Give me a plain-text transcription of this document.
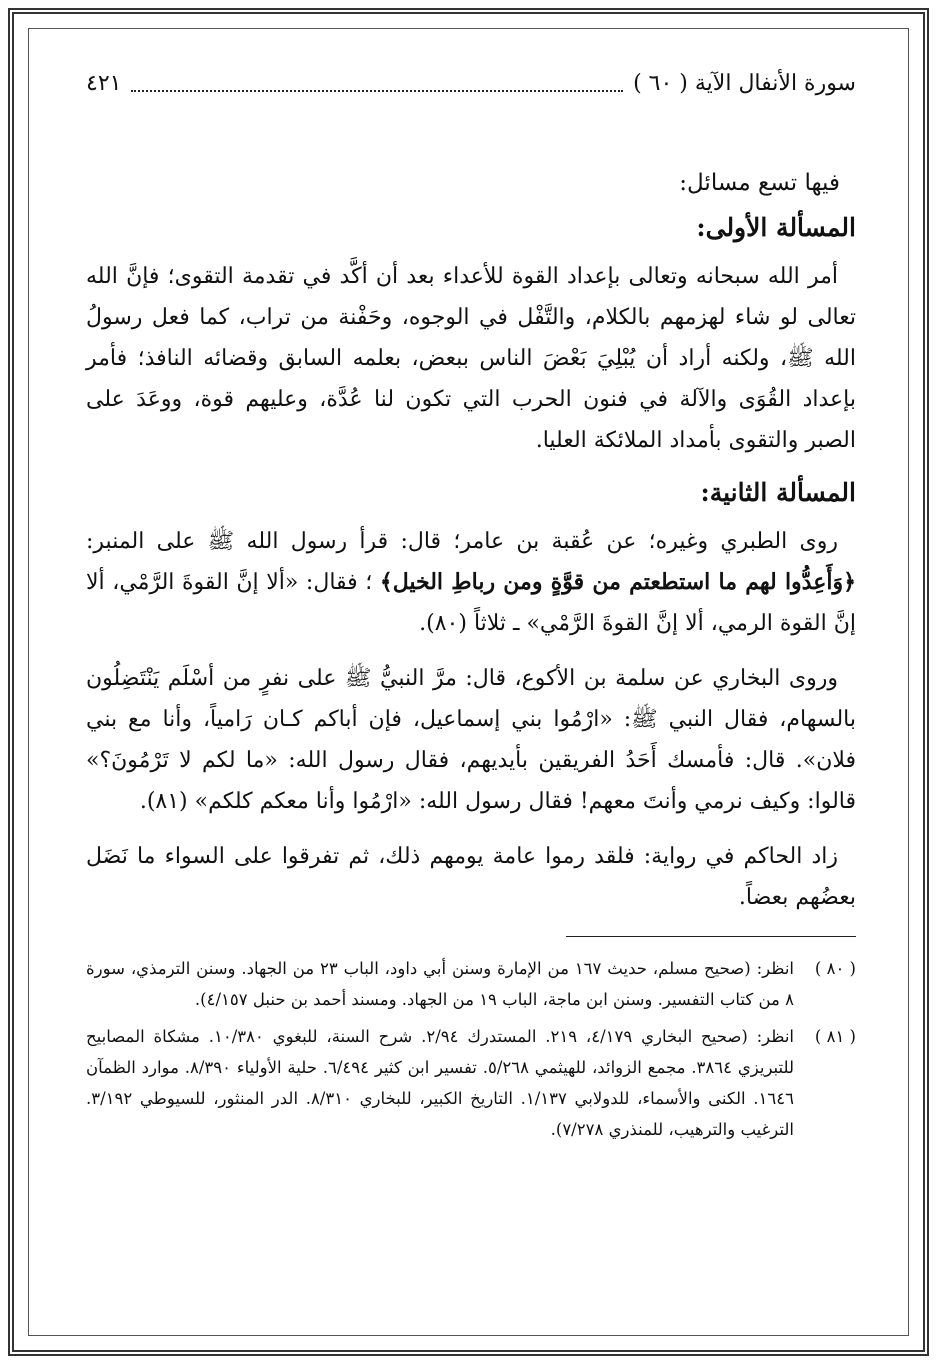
سورة الأنفال الآية ( ٦٠ )
٤٢١

فيها تسع مسائل:

المسألة الأولى:

أمر الله سبحانه وتعالى بإعداد القوة للأعداء بعد أن أكَّد في تقدمة التقوى؛ فإنَّ الله تعالى لو شاء لهزمهم بالكلام، والتَّفْل في الوجوه، وحَفْنة من تراب، كما فعل رسولُ الله ﷺ، ولكنه أراد أن يُبْلِيَ بَعْضَ الناس ببعض، بعلمه السابق وقضائه النافذ؛ فأمر بإعداد القُوَى والآلة في فنون الحرب التي تكون لنا عُدَّة، وعليهم قوة، ووعَدَ على الصبر والتقوى بأمداد الملائكة العليا.

المسألة الثانية:

روى الطبري وغيره؛ عن عُقبة بن عامر؛ قال: قرأ رسول الله ﷺ على المنبر: ﴿وَأَعِدُّوا لهم ما استطعتم من قوَّةٍ ومن رباطِ الخيل﴾ ؛ فقال: «ألا إنَّ القوةَ الرَّمْي، ألا إنَّ القوة الرمي، ألا إنَّ القوةَ الرَّمْي» ـ ثلاثاً (٨٠).

وروى البخاري عن سلمة بن الأكوع، قال: مرَّ النبيُّ ﷺ على نفرٍ من أسْلَم يَنْتَضِلُون بالسهام، فقال النبي ﷺ: «ارْمُوا بني إسماعيل، فإن أباكم كـان رَامياً، وأنا مع بني فلان». قال: فأمسك أَحَدُ الفريقين بأيديهم، فقال رسول الله: «ما لكم لا تَرْمُونَ؟» قالوا: وكيف نرمي وأنتَ معهم! فقال رسول الله: «ارْمُوا وأنا معكم كلكم» (٨١).

زاد الحاكم في رواية: فلقد رموا عامة يومهم ذلك، ثم تفرقوا على السواء ما نَضَل بعضُهم بعضاً.

( ٨٠ )
انظر: (صحيح مسلم، حديث ١٦٧ من الإمارة وسنن أبي داود، الباب ٢٣ من الجهاد. وسنن الترمذي، سورة ٨ من كتاب التفسير. وسنن ابن ماجة، الباب ١٩ من الجهاد. ومسند أحمد بن حنبل ٤/١٥٧).
( ٨١ )
انظر: (صحيح البخاري ٤/١٧٩، ٢١٩. المستدرك ٢/٩٤. شرح السنة، للبغوي ١٠/٣٨٠. مشكاة المصابيح للتبريزي ٣٨٦٤. مجمع الزوائد، للهيثمي ٥/٢٦٨. تفسير ابن كثير ٦/٤٩٤. حلية الأولياء ٨/٣٩٠. موارد الظمآن ١٦٤٦. الكنى والأسماء، للدولابي ١/١٣٧. التاريخ الكبير، للبخاري ٨/٣١٠. الدر المنثور، للسيوطي ٣/١٩٢. الترغيب والترهيب، للمنذري ٧/٢٧٨).
